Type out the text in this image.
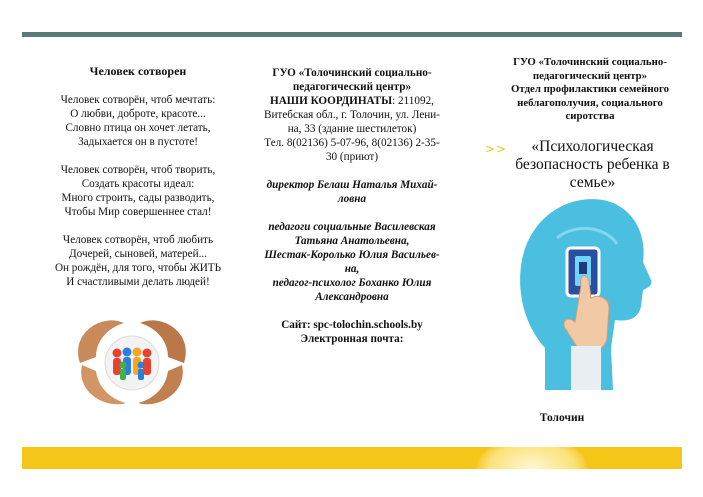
Человек сотворен
Человек сотворён, чтоб мечтать:
О любви, доброте, красоте...
Словно птица он хочет летать,
Задыхается он в пустоте!
Человек сотворён, чтоб творить,
Создать красоты идеал:
Много строить, сады разводить,
Чтобы Мир совершеннее стал!
Человек сотворён, чтоб любить
Дочерей, сыновей, матерей...
Он рождён, для того, чтобы ЖИТЬ
И счастливыми делать людей!
ГУО «Толочинский социально-
педагогический центр»
НАШИ КООРДИНАТЫ: 211092,
Витебская обл., г. Толочин, ул. Лени-
на, 33 (здание шестилеток)
Тел. 8(02136) 5-07-96, 8(02136) 2-35-
30 (приют)
директор Белаш Наталья Михай-
ловна
педагоги социальные Василевская
Татьяна Анатольевна,
Шестак-Королько Юлия Васильев-
на,
педагог-психолог Боханко Юлия
Александровна
Сайт: spc-tolochin.schools.by
Электронная почта:
ГУО «Толочинский социально-
педагогический центр»
Отдел профилактики семейного
неблагополучия, социального
сиротства
>>	«Психологическая безопасность ребенка в семье»
Толочин
